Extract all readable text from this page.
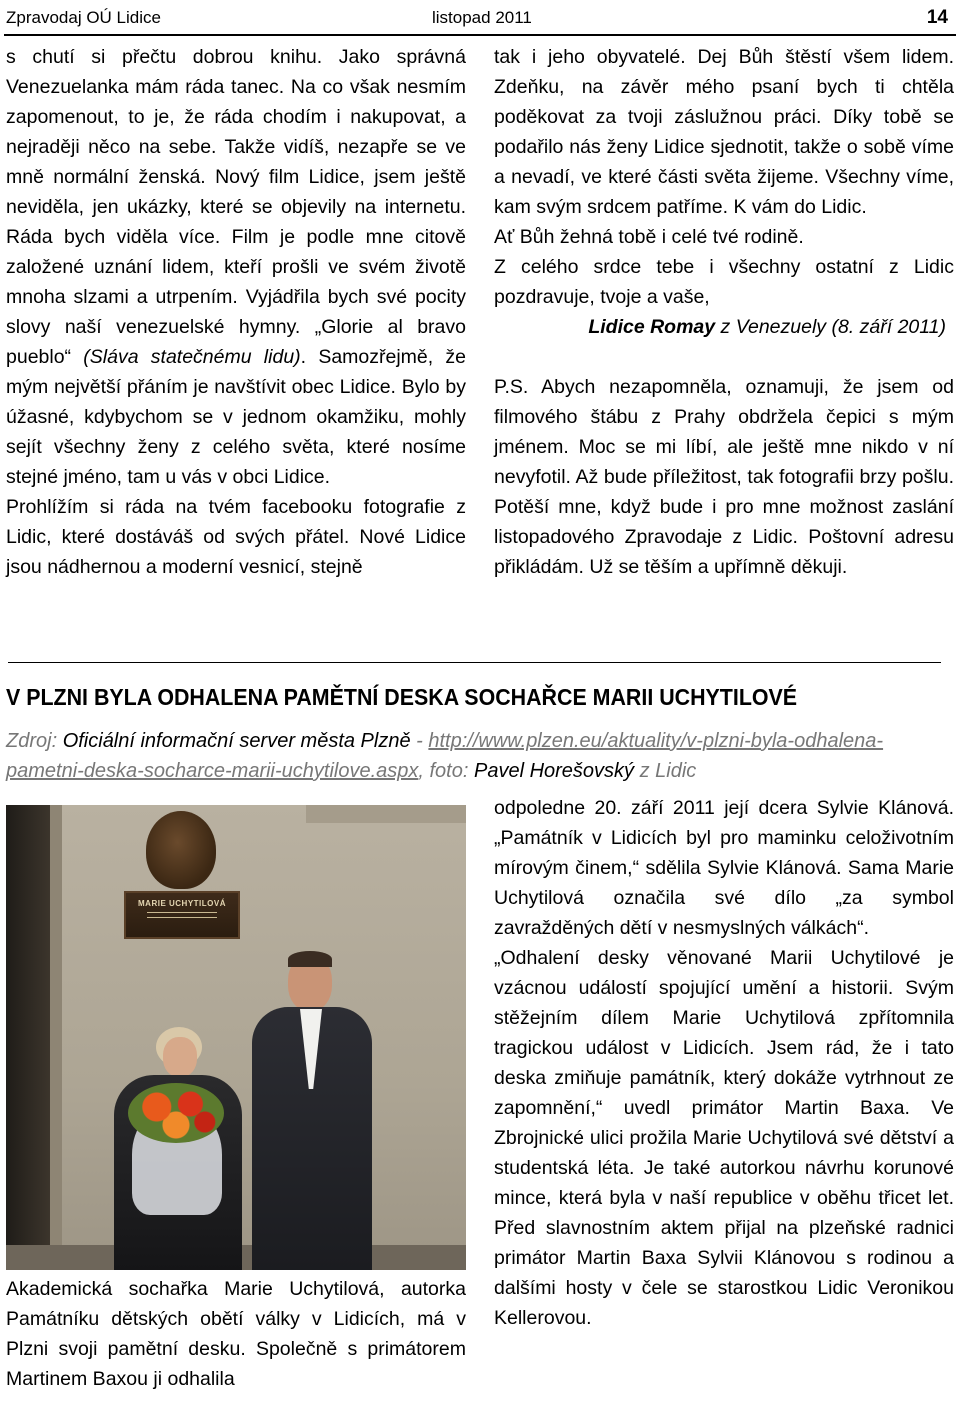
Zpravodaj OÚ Lidice	listopad 2011	14

s chutí si přečtu dobrou knihu. Jako správná Venezuelanka mám ráda tanec. Na co však nesmím zapomenout, to je, že ráda chodím i nakupovat, a nejraději něco na sebe. Takže vidíš, nezapře se ve mně normální ženská. Nový film Lidice, jsem ještě neviděla, jen ukázky, které se objevily na internetu. Ráda bych viděla více. Film je podle mne citově založené uznání lidem, kteří prošli ve svém životě mnoha slzami a utrpením. Vyjádřila bych své pocity slovy naší venezuelské hymny. „Glorie al bravo pueblo“ (Sláva statečnému lidu). Samozřejmě, že mým největší přáním je navštívit obec Lidice. Bylo by úžasné, kdybychom se v jednom okamžiku, mohly sejít všechny ženy z celého světa, které nosíme stejné jméno, tam u vás v obci Lidice.

Prohlížím si ráda na tvém facebooku fotografie z Lidic, které dostáváš od svých přátel. Nové Lidice jsou nádhernou a moderní vesnicí, stejně

tak i jeho obyvatelé. Dej Bůh štěstí všem lidem. Zdeňku, na závěr mého psaní bych ti chtěla poděkovat za tvoji záslužnou práci. Díky tobě se podařilo nás ženy Lidice sjednotit, takže o sobě víme a nevadí, ve které části světa žijeme. Všechny víme, kam svým srdcem patříme. K vám do Lidic.

Ať Bůh žehná tobě i celé tvé rodině.

Z celého srdce tebe i všechny ostatní z Lidic pozdravuje, tvoje a vaše,

Lidice Romay z Venezuely (8. září 2011)

P.S. Abych nezapomněla, oznamuji, že jsem od filmového štábu z Prahy obdržela čepici s mým jménem. Moc se mi líbí, ale ještě mne nikdo v ní nevyfotil. Až bude příležitost, tak fotografii brzy pošlu. Potěší mne, když bude i pro mne možnost zaslání listopadového Zpravodaje z Lidic. Poštovní adresu přikládám. Už se těším a upřímně děkuji.

V PLZNI BYLA ODHALENA PAMĚTNÍ DESKA SOCHAŘCE MARII UCHYTILOVÉ
Zdroj: Oficiální informační server města Plzně - http://www.plzen.eu/aktuality/v-plzni-byla-odhalena-pametni-deska-socharce-marii-uchytilove.aspx, foto: Pavel Horešovský z Lidic
MARIE UCHYTILOVÁ
Akademická sochařka Marie Uchytilová, autorka Památníku dětských obětí války v Lidicích, má v Plzni svoji pamětní desku. Společně s primátorem Martinem Baxou ji odhalila

odpoledne 20. září 2011 její dcera Sylvie Klánová. „Památník v Lidicích byl pro maminku celoživotním mírovým činem,“ sdělila Sylvie Klánová. Sama Marie Uchytilová označila své dílo „za symbol zavražděných dětí v nesmyslných válkách“.

„Odhalení desky věnované Marii Uchytilové je vzácnou událostí spojující umění a historii. Svým stěžejním dílem Marie Uchytilová zpřítomnila tragickou událost v Lidicích. Jsem rád, že i tato deska zmiňuje památník, který dokáže vytrhnout ze zapomnění,“ uvedl primátor Martin Baxa. Ve Zbrojnické ulici prožila Marie Uchytilová své dětství a studentská léta. Je také autorkou návrhu korunové mince, která byla v naší republice v oběhu třicet let. Před slavnostním aktem přijal na plzeňské radnici primátor Martin Baxa Sylvii Klánovou s rodinou a dalšími hosty v čele se starostkou Lidic Veronikou Kellerovou.
